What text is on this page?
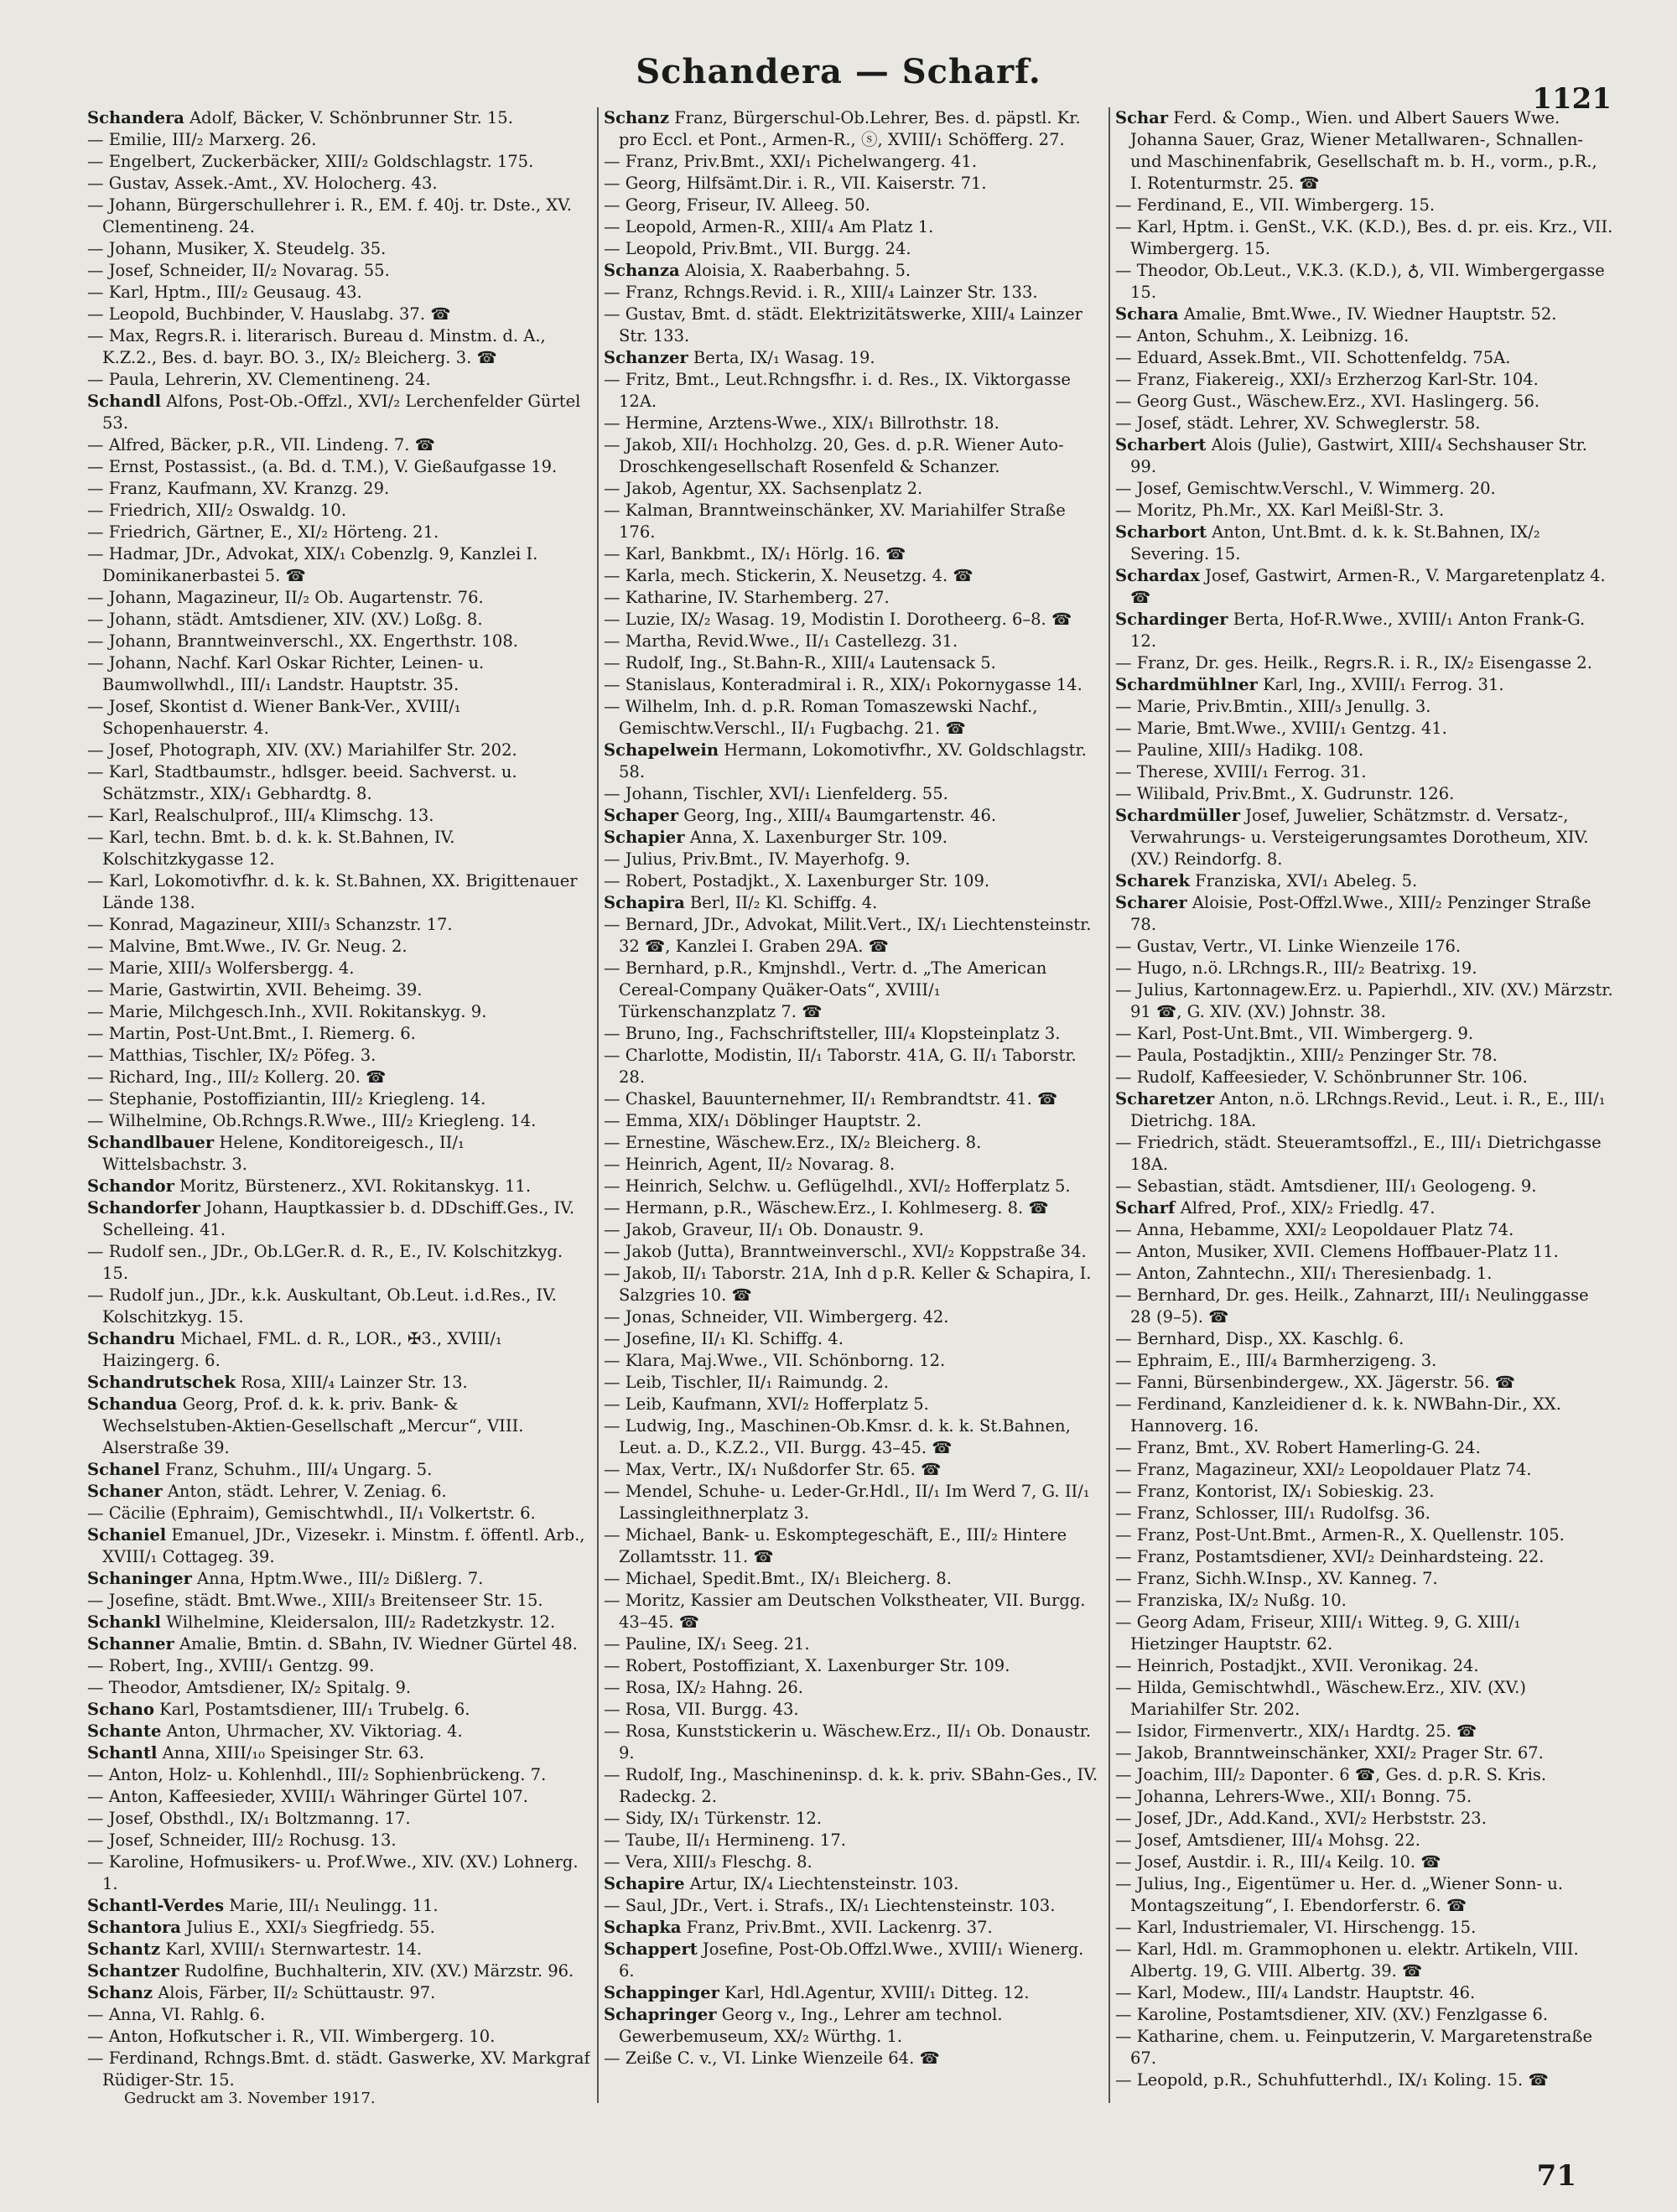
Schandera — Scharf.
1121

Schandera Adolf, Bäcker, V. Schönbrunner Str. 15.

— Emilie, III/₂ Marxerg. 26.

— Engelbert, Zuckerbäcker, XIII/₂ Goldschlagstr. 175.

— Gustav, Assek.-Amt., XV. Holocherg. 43.

— Johann, Bürgerschullehrer i. R., EM. f. 40j. tr. Dste., XV. Clementineng. 24.

— Johann, Musiker, X. Steudelg. 35.

— Josef, Schneider, II/₂ Novarag. 55.

— Karl, Hptm., III/₂ Geusaug. 43.

— Leopold, Buchbinder, V. Hauslabg. 37. ☎

— Max, Regrs.R. i. literarisch. Bureau d. Minstm. d. A., K.Z.2., Bes. d. bayr. BO. 3., IX/₂ Bleicherg. 3. ☎

— Paula, Lehrerin, XV. Clementineng. 24.

Schandl Alfons, Post-Ob.-Offzl., XVI/₂ Lerchenfelder Gürtel 53.

— Alfred, Bäcker, p.R., VII. Lindeng. 7. ☎

— Ernst, Postassist., (a. Bd. d. T.M.), V. Gießaufgasse 19.

— Franz, Kaufmann, XV. Kranzg. 29.

— Friedrich, XII/₂ Oswaldg. 10.

— Friedrich, Gärtner, E., XI/₂ Hörteng. 21.

— Hadmar, JDr., Advokat, XIX/₁ Cobenzlg. 9, Kanzlei I. Dominikanerbastei 5. ☎

— Johann, Magazineur, II/₂ Ob. Augartenstr. 76.

— Johann, städt. Amtsdiener, XIV. (XV.) Loßg. 8.

— Johann, Branntweinverschl., XX. Engerthstr. 108.

— Johann, Nachf. Karl Oskar Richter, Leinen- u. Baumwollwhdl., III/₁ Landstr. Hauptstr. 35.

— Josef, Skontist d. Wiener Bank-Ver., XVIII/₁ Schopenhauerstr. 4.

— Josef, Photograph, XIV. (XV.) Mariahilfer Str. 202.

— Karl, Stadtbaumstr., hdlsger. beeid. Sachverst. u. Schätzmstr., XIX/₁ Gebhardtg. 8.

— Karl, Realschulprof., III/₄ Klimschg. 13.

— Karl, techn. Bmt. b. d. k. k. St.Bahnen, IV. Kolschitzkygasse 12.

— Karl, Lokomotivfhr. d. k. k. St.Bahnen, XX. Brigittenauer Lände 138.

— Konrad, Magazineur, XIII/₃ Schanzstr. 17.

— Malvine, Bmt.Wwe., IV. Gr. Neug. 2.

— Marie, XIII/₃ Wolfersbergg. 4.

— Marie, Gastwirtin, XVII. Beheimg. 39.

— Marie, Milchgesch.Inh., XVII. Rokitanskyg. 9.

— Martin, Post-Unt.Bmt., I. Riemerg. 6.

— Matthias, Tischler, IX/₂ Pöfeg. 3.

— Richard, Ing., III/₂ Kollerg. 20. ☎

— Stephanie, Postoffiziantin, III/₂ Kriegleng. 14.

— Wilhelmine, Ob.Rchngs.R.Wwe., III/₂ Kriegleng. 14.

Schandlbauer Helene, Konditoreigesch., II/₁ Wittelsbachstr. 3.

Schandor Moritz, Bürstenerz., XVI. Rokitanskyg. 11.

Schandorfer Johann, Hauptkassier b. d. DDschiff.Ges., IV. Schelleing. 41.

— Rudolf sen., JDr., Ob.LGer.R. d. R., E., IV. Kolschitzkyg. 15.

— Rudolf jun., JDr., k.k. Auskultant, Ob.Leut. i.d.Res., IV. Kolschitzkyg. 15.

Schandru Michael, FML. d. R., LOR., ✠3., XVIII/₁ Haizingerg. 6.

Schandrutschek Rosa, XIII/₄ Lainzer Str. 13.

Schandua Georg, Prof. d. k. k. priv. Bank- & Wechselstuben-Aktien-Gesellschaft „Mercur“, VIII. Alserstraße 39.

Schanel Franz, Schuhm., III/₄ Ungarg. 5.

Schaner Anton, städt. Lehrer, V. Zeniag. 6.

— Cäcilie (Ephraim), Gemischtwhdl., II/₁ Volkertstr. 6.

Schaniel Emanuel, JDr., Vizesekr. i. Minstm. f. öffentl. Arb., XVIII/₁ Cottageg. 39.

Schaninger Anna, Hptm.Wwe., III/₂ Dißlerg. 7.

— Josefine, städt. Bmt.Wwe., XIII/₃ Breitenseer Str. 15.

Schankl Wilhelmine, Kleidersalon, III/₂ Radetzkystr. 12.

Schanner Amalie, Bmtin. d. SBahn, IV. Wiedner Gürtel 48.

— Robert, Ing., XVIII/₁ Gentzg. 99.

— Theodor, Amtsdiener, IX/₂ Spitalg. 9.

Schano Karl, Postamtsdiener, III/₁ Trubelg. 6.

Schante Anton, Uhrmacher, XV. Viktoriag. 4.

Schantl Anna, XIII/₁₀ Speisinger Str. 63.

— Anton, Holz- u. Kohlenhdl., III/₂ Sophienbrückeng. 7.

— Anton, Kaffeesieder, XVIII/₁ Währinger Gürtel 107.

— Josef, Obsthdl., IX/₁ Boltzmanng. 17.

— Josef, Schneider, III/₂ Rochusg. 13.

— Karoline, Hofmusikers- u. Prof.Wwe., XIV. (XV.) Lohnerg. 1.

Schantl-Verdes Marie, III/₁ Neulingg. 11.

Schantora Julius E., XXI/₃ Siegfriedg. 55.

Schantz Karl, XVIII/₁ Sternwartestr. 14.

Schantzer Rudolfine, Buchhalterin, XIV. (XV.) Märzstr. 96.

Schanz Alois, Färber, II/₂ Schüttaustr. 97.

— Anna, VI. Rahlg. 6.

— Anton, Hofkutscher i. R., VII. Wimbergerg. 10.

— Ferdinand, Rchngs.Bmt. d. städt. Gaswerke, XV. Markgraf Rüdiger-Str. 15.

Schanz Franz, Bürgerschul-Ob.Lehrer, Bes. d. päpstl. Kr. pro Eccl. et Pont., Armen-R., ⓢ, XVIII/₁ Schöfferg. 27.

— Franz, Priv.Bmt., XXI/₁ Pichelwangerg. 41.

— Georg, Hilfsämt.Dir. i. R., VII. Kaiserstr. 71.

— Georg, Friseur, IV. Alleeg. 50.

— Leopold, Armen-R., XIII/₄ Am Platz 1.

— Leopold, Priv.Bmt., VII. Burgg. 24.

Schanza Aloisia, X. Raaberbahng. 5.

— Franz, Rchngs.Revid. i. R., XIII/₄ Lainzer Str. 133.

— Gustav, Bmt. d. städt. Elektrizitätswerke, XIII/₄ Lainzer Str. 133.

Schanzer Berta, IX/₁ Wasag. 19.

— Fritz, Bmt., Leut.Rchngsfhr. i. d. Res., IX. Viktorgasse 12A.

— Hermine, Arztens-Wwe., XIX/₁ Billrothstr. 18.

— Jakob, XII/₁ Hochholzg. 20, Ges. d. p.R. Wiener Auto-Droschkengesellschaft Rosenfeld & Schanzer.

— Jakob, Agentur, XX. Sachsenplatz 2.

— Kalman, Branntweinschänker, XV. Mariahilfer Straße 176.

— Karl, Bankbmt., IX/₁ Hörlg. 16. ☎

— Karla, mech. Stickerin, X. Neusetzg. 4. ☎

— Katharine, IV. Starhemberg. 27.

— Luzie, IX/₂ Wasag. 19, Modistin I. Dorotheerg. 6–8. ☎

— Martha, Revid.Wwe., II/₁ Castellezg. 31.

— Rudolf, Ing., St.Bahn-R., XIII/₄ Lautensack 5.

— Stanislaus, Konteradmiral i. R., XIX/₁ Pokornygasse 14.

— Wilhelm, Inh. d. p.R. Roman Tomaszewski Nachf., Gemischtw.Verschl., II/₁ Fugbachg. 21. ☎

Schapelwein Hermann, Lokomotivfhr., XV. Goldschlagstr. 58.

— Johann, Tischler, XVI/₁ Lienfelderg. 55.

Schaper Georg, Ing., XIII/₄ Baumgartenstr. 46.

Schapier Anna, X. Laxenburger Str. 109.

— Julius, Priv.Bmt., IV. Mayerhofg. 9.

— Robert, Postadjkt., X. Laxenburger Str. 109.

Schapira Berl, II/₂ Kl. Schiffg. 4.

— Bernard, JDr., Advokat, Milit.Vert., IX/₁ Liechtensteinstr. 32 ☎, Kanzlei I. Graben 29A. ☎

— Bernhard, p.R., Kmjnshdl., Vertr. d. „The American Cereal-Company Quäker-Oats“, XVIII/₁ Türkenschanzplatz 7. ☎

— Bruno, Ing., Fachschriftsteller, III/₄ Klopsteinplatz 3.

— Charlotte, Modistin, II/₁ Taborstr. 41A, G. II/₁ Taborstr. 28.

— Chaskel, Bauunternehmer, II/₁ Rembrandtstr. 41. ☎

— Emma, XIX/₁ Döblinger Hauptstr. 2.

— Ernestine, Wäschew.Erz., IX/₂ Bleicherg. 8.

— Heinrich, Agent, II/₂ Novarag. 8.

— Heinrich, Selchw. u. Geflügelhdl., XVI/₂ Hofferplatz 5.

— Hermann, p.R., Wäschew.Erz., I. Kohlmeserg. 8. ☎

— Jakob, Graveur, II/₁ Ob. Donaustr. 9.

— Jakob (Jutta), Branntweinverschl., XVI/₂ Koppstraße 34.

— Jakob, II/₁ Taborstr. 21A, Inh d p.R. Keller & Schapira, I. Salzgries 10. ☎

— Jonas, Schneider, VII. Wimbergerg. 42.

— Josefine, II/₁ Kl. Schiffg. 4.

— Klara, Maj.Wwe., VII. Schönborng. 12.

— Leib, Tischler, II/₁ Raimundg. 2.

— Leib, Kaufmann, XVI/₂ Hofferplatz 5.

— Ludwig, Ing., Maschinen-Ob.Kmsr. d. k. k. St.Bahnen, Leut. a. D., K.Z.2., VII. Burgg. 43–45. ☎

— Max, Vertr., IX/₁ Nußdorfer Str. 65. ☎

— Mendel, Schuhe- u. Leder-Gr.Hdl., II/₁ Im Werd 7, G. II/₁ Lassingleithnerplatz 3.

— Michael, Bank- u. Eskomptegeschäft, E., III/₂ Hintere Zollamtsstr. 11. ☎

— Michael, Spedit.Bmt., IX/₁ Bleicherg. 8.

— Moritz, Kassier am Deutschen Volkstheater, VII. Burgg. 43–45. ☎

— Pauline, IX/₁ Seeg. 21.

— Robert, Postoffiziant, X. Laxenburger Str. 109.

— Rosa, IX/₂ Hahng. 26.

— Rosa, VII. Burgg. 43.

— Rosa, Kunststickerin u. Wäschew.Erz., II/₁ Ob. Donaustr. 9.

— Rudolf, Ing., Maschineninsp. d. k. k. priv. SBahn-Ges., IV. Radeckg. 2.

— Sidy, IX/₁ Türkenstr. 12.

— Taube, II/₁ Hermineng. 17.

— Vera, XIII/₃ Fleschg. 8.

Schapire Artur, IX/₄ Liechtensteinstr. 103.

— Saul, JDr., Vert. i. Strafs., IX/₁ Liechtensteinstr. 103.

Schapka Franz, Priv.Bmt., XVII. Lackenrg. 37.

Schappert Josefine, Post-Ob.Offzl.Wwe., XVIII/₁ Wienerg. 6.

Schappinger Karl, Hdl.Agentur, XVIII/₁ Ditteg. 12.

Schapringer Georg v., Ing., Lehrer am technol. Gewerbemuseum, XX/₂ Würthg. 1.

— Zeiße C. v., VI. Linke Wienzeile 64. ☎

Schar Ferd. & Comp., Wien. und Albert Sauers Wwe. Johanna Sauer, Graz, Wiener Metallwaren-, Schnallen- und Maschinenfabrik, Gesellschaft m. b. H., vorm., p.R., I. Rotenturmstr. 25. ☎

— Ferdinand, E., VII. Wimbergerg. 15.

— Karl, Hptm. i. GenSt., V.K. (K.D.), Bes. d. pr. eis. Krz., VII. Wimbergerg. 15.

— Theodor, Ob.Leut., V.K.3. (K.D.), ♁, VII. Wimbergergasse 15.

Schara Amalie, Bmt.Wwe., IV. Wiedner Hauptstr. 52.

— Anton, Schuhm., X. Leibnizg. 16.

— Eduard, Assek.Bmt., VII. Schottenfeldg. 75A.

— Franz, Fiakereig., XXI/₃ Erzherzog Karl-Str. 104.

— Georg Gust., Wäschew.Erz., XVI. Haslingerg. 56.

— Josef, städt. Lehrer, XV. Schweglerstr. 58.

Scharbert Alois (Julie), Gastwirt, XIII/₄ Sechshauser Str. 99.

— Josef, Gemischtw.Verschl., V. Wimmerg. 20.

— Moritz, Ph.Mr., XX. Karl Meißl-Str. 3.

Scharbort Anton, Unt.Bmt. d. k. k. St.Bahnen, IX/₂ Severing. 15.

Schardax Josef, Gastwirt, Armen-R., V. Margaretenplatz 4. ☎

Schardinger Berta, Hof-R.Wwe., XVIII/₁ Anton Frank-G. 12.

— Franz, Dr. ges. Heilk., Regrs.R. i. R., IX/₂ Eisengasse 2.

Schardmühlner Karl, Ing., XVIII/₁ Ferrog. 31.

— Marie, Priv.Bmtin., XIII/₃ Jenullg. 3.

— Marie, Bmt.Wwe., XVIII/₁ Gentzg. 41.

— Pauline, XIII/₃ Hadikg. 108.

— Therese, XVIII/₁ Ferrog. 31.

— Wilibald, Priv.Bmt., X. Gudrunstr. 126.

Schardmüller Josef, Juwelier, Schätzmstr. d. Versatz-, Verwahrungs- u. Versteigerungsamtes Dorotheum, XIV. (XV.) Reindorfg. 8.

Scharek Franziska, XVI/₁ Abeleg. 5.

Scharer Aloisie, Post-Offzl.Wwe., XIII/₂ Penzinger Straße 78.

— Gustav, Vertr., VI. Linke Wienzeile 176.

— Hugo, n.ö. LRchngs.R., III/₂ Beatrixg. 19.

— Julius, Kartonnagew.Erz. u. Papierhdl., XIV. (XV.) Märzstr. 91 ☎, G. XIV. (XV.) Johnstr. 38.

— Karl, Post-Unt.Bmt., VII. Wimbergerg. 9.

— Paula, Postadjktin., XIII/₂ Penzinger Str. 78.

— Rudolf, Kaffeesieder, V. Schönbrunner Str. 106.

Scharetzer Anton, n.ö. LRchngs.Revid., Leut. i. R., E., III/₁ Dietrichg. 18A.

— Friedrich, städt. Steueramtsoffzl., E., III/₁ Dietrichgasse 18A.

— Sebastian, städt. Amtsdiener, III/₁ Geologeng. 9.

Scharf Alfred, Prof., XIX/₂ Friedlg. 47.

— Anna, Hebamme, XXI/₂ Leopoldauer Platz 74.

— Anton, Musiker, XVII. Clemens Hoffbauer-Platz 11.

— Anton, Zahntechn., XII/₁ Theresienbadg. 1.

— Bernhard, Dr. ges. Heilk., Zahnarzt, III/₁ Neulinggasse 28 (9–5). ☎

— Bernhard, Disp., XX. Kaschlg. 6.

— Ephraim, E., III/₄ Barmherzigeng. 3.

— Fanni, Bürsenbindergew., XX. Jägerstr. 56. ☎

— Ferdinand, Kanzleidiener d. k. k. NWBahn-Dir., XX. Hannoverg. 16.

— Franz, Bmt., XV. Robert Hamerling-G. 24.

— Franz, Magazineur, XXI/₂ Leopoldauer Platz 74.

— Franz, Kontorist, IX/₁ Sobieskig. 23.

— Franz, Schlosser, III/₁ Rudolfsg. 36.

— Franz, Post-Unt.Bmt., Armen-R., X. Quellenstr. 105.

— Franz, Postamtsdiener, XVI/₂ Deinhardsteing. 22.

— Franz, Sichh.W.Insp., XV. Kanneg. 7.

— Franziska, IX/₂ Nußg. 10.

— Georg Adam, Friseur, XIII/₁ Witteg. 9, G. XIII/₁ Hietzinger Hauptstr. 62.

— Heinrich, Postadjkt., XVII. Veronikag. 24.

— Hilda, Gemischtwhdl., Wäschew.Erz., XIV. (XV.) Mariahilfer Str. 202.

— Isidor, Firmenvertr., XIX/₁ Hardtg. 25. ☎

— Jakob, Branntweinschänker, XXI/₂ Prager Str. 67.

— Joachim, III/₂ Dapontег. 6 ☎, Ges. d. p.R. S. Kris.

— Johanna, Lehrers-Wwe., XII/₁ Bonng. 75.

— Josef, JDr., Add.Kand., XVI/₂ Herbststr. 23.

— Josef, Amtsdiener, III/₄ Mohsg. 22.

— Josef, Austdir. i. R., III/₄ Keilg. 10. ☎

— Julius, Ing., Eigentümer u. Her. d. „Wiener Sonn- u. Montagszeitung“, I. Ebendorferstr. 6. ☎

— Karl, Industriemaler, VI. Hirschengg. 15.

— Karl, Hdl. m. Grammophonen u. elektr. Artikeln, VIII. Albertg. 19, G. VIII. Albertg. 39. ☎

— Karl, Modew., III/₄ Landstr. Hauptstr. 46.

— Karoline, Postamtsdiener, XIV. (XV.) Fenzlgasse 6.

— Katharine, chem. u. Feinputzerin, V. Margaretenstraße 67.

— Leopold, p.R., Schuhfutterhdl., IX/₁ Koling. 15. ☎

Gedruckt am 3. November 1917.
71
